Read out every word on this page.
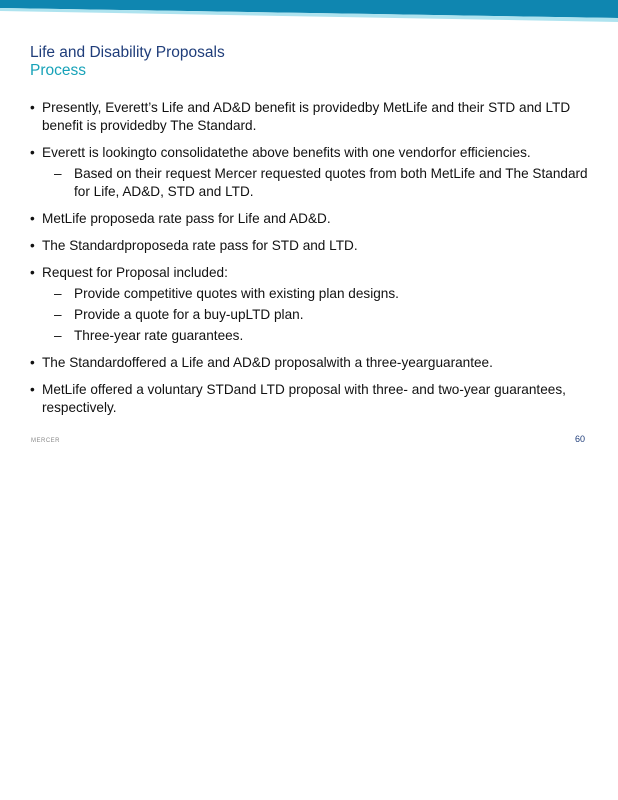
Life and Disability Proposals
Process
• Presently, Everett’s Life and AD&D benefit is providedby MetLife and their STD and LTD benefit is providedby The Standard.
• Everett is lookingto consolidatethe above benefits with one vendorfor efficiencies.
– Based on their request Mercer requested quotes from both MetLife and The Standard for Life, AD&D, STD and LTD.
• MetLife proposeda rate pass for Life and AD&D.
• The Standardproposeda rate pass for STD and LTD.
• Request for Proposal included:
– Provide competitive quotes with existing plan designs.
– Provide a quote for a buy-upLTD plan.
– Three-year rate guarantees.
• The Standardoffered a Life and AD&D proposalwith a three-yearguarantee.
• MetLife offered a voluntary STDand LTD proposal with three- and two-year guarantees, respectively.
MERCER	60
